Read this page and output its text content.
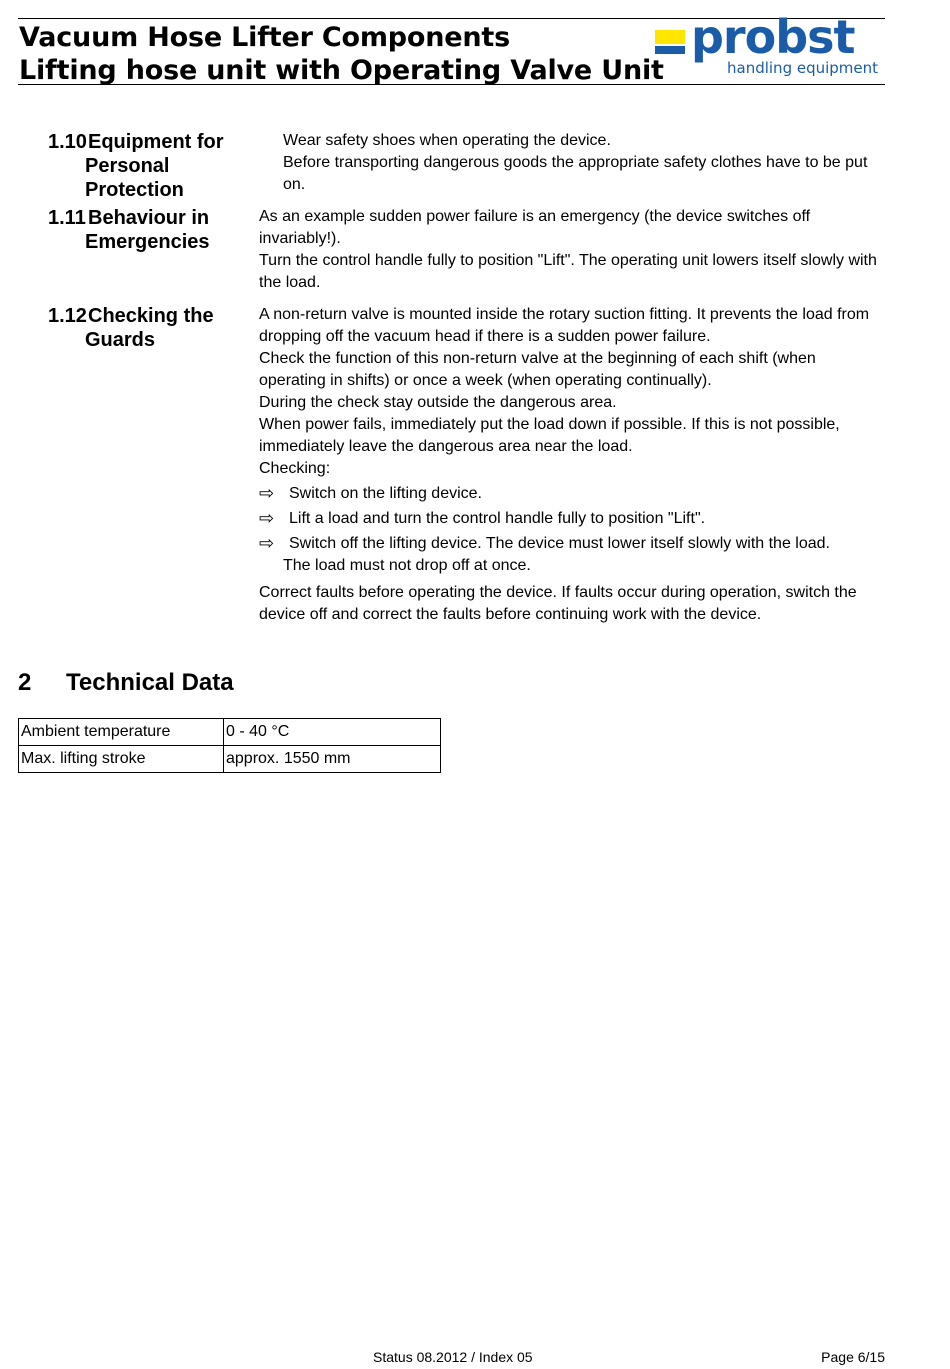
Vacuum Hose Lifter Components
Lifting hose unit with Operating Valve Unit
probst
handling equipment
1.10Equipment for
Personal
Protection

Wear safety shoes when operating the device.

Before transporting dangerous goods the appropriate safety clothes have to be put on.

1.11 Behaviour in
Emergencies

As an example sudden power failure is an emergency (the device switches off invariably!).

Turn the control handle fully to position "Lift". The operating unit lowers itself slowly with the load.

1.12Checking the
Guards

A non-return valve is mounted inside the rotary suction fitting. It prevents the load from dropping off the vacuum head if there is a sudden power failure.

Check the function of this non-return valve at the beginning of each shift (when operating in shifts) or once a week (when operating continually).

During the check stay outside the dangerous area.

When power fails, immediately put the load down if possible. If this is not possible, immediately leave the dangerous area near the load.

Checking:

⇨ Switch on the lifting device.

⇨ Lift a load and turn the control handle fully to position "Lift".

⇨ Switch off the lifting device. The device must lower itself slowly with the load.

The load must not drop off at once.

Correct faults before operating the device. If faults occur during operation, switch the device off and correct the faults before continuing work with the device.

2 Technical Data
Ambient temperature	0 - 40 °C
Max. lifting stroke	approx. 1550 mm
Status 08.2012 / Index 05	Page 6/15
